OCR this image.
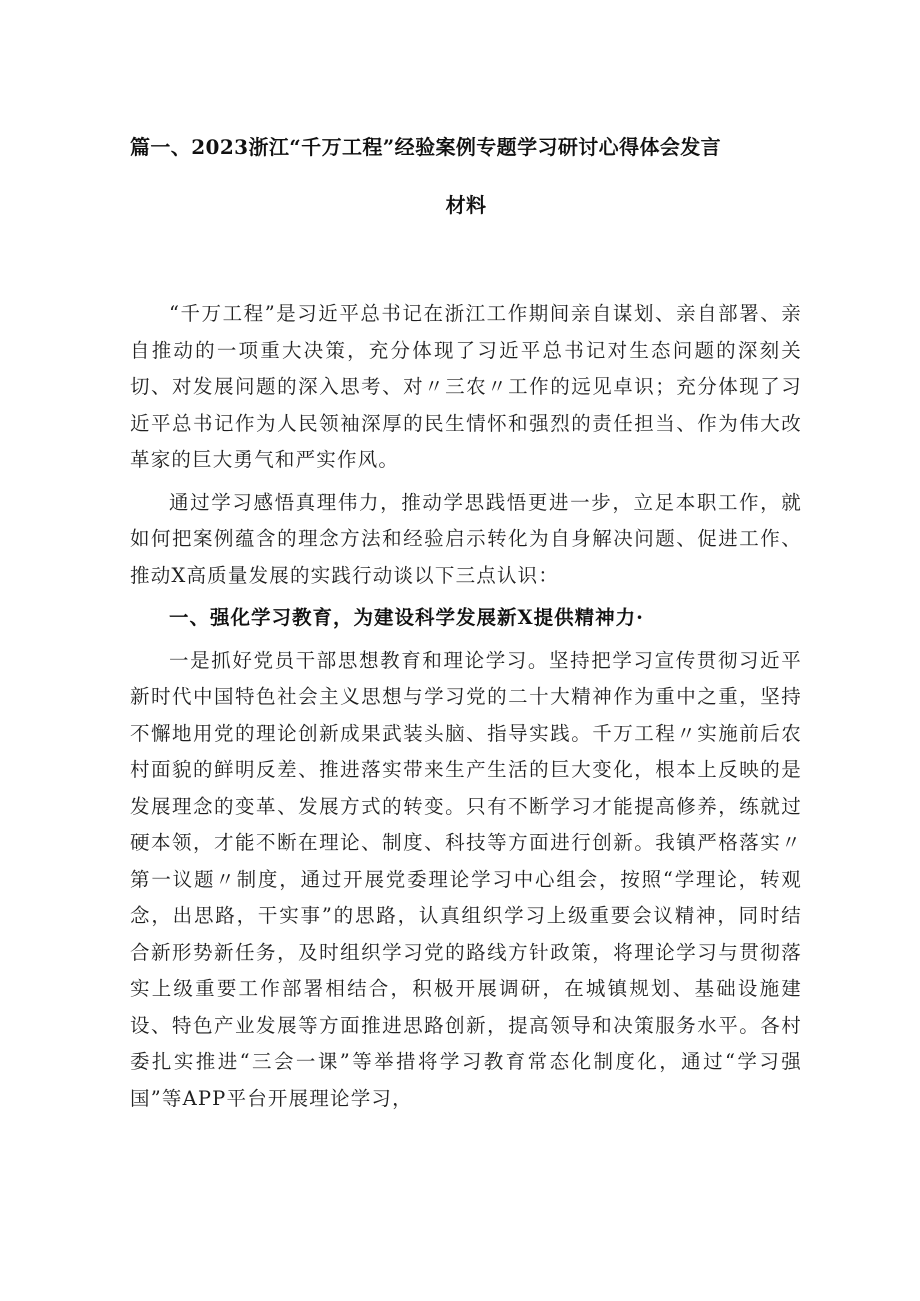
篇一、2023浙江“千万工程”经验案例专题学习研讨心得体会发言
材料

“千万工程”是习近平总书记在浙江工作期间亲自谋划、亲自部署、亲自推动的一项重大决策，充分体现了习近平总书记对生态问题的深刻关切、对发展问题的深入思考、对〃三农〃工作的远见卓识；充分体现了习近平总书记作为人民领袖深厚的民生情怀和强烈的责任担当、作为伟大改革家的巨大勇气和严实作风。

通过学习感悟真理伟力，推动学思践悟更进一步，立足本职工作，就如何把案例蕴含的理念方法和经验启示转化为自身解决问题、促进工作、推动X高质量发展的实践行动谈以下三点认识：

一、强化学习教育，为建设科学发展新X提供精神力·

一是抓好党员干部思想教育和理论学习。坚持把学习宣传贯彻习近平新时代中国特色社会主义思想与学习党的二十大精神作为重中之重，坚持不懈地用党的理论创新成果武装头脑、指导实践。千万工程〃实施前后农村面貌的鲜明反差、推进落实带来生产生活的巨大变化，根本上反映的是发展理念的变革、发展方式的转变。只有不断学习才能提高修养，练就过硬本领，才能不断在理论、制度、科技等方面进行创新。我镇严格落实〃第一议题〃制度，通过开展党委理论学习中心组会，按照“学理论，转观念，出思路，干实事”的思路，认真组织学习上级重要会议精神，同时结合新形势新任务，及时组织学习党的路线方针政策，将理论学习与贯彻落实上级重要工作部署相结合，积极开展调研，在城镇规划、基础设施建设、特色产业发展等方面推进思路创新，提高领导和决策服务水平。各村委扎实推进“三会一课”等举措将学习教育常态化制度化，通过“学习强国”等APP平台开展理论学习，
